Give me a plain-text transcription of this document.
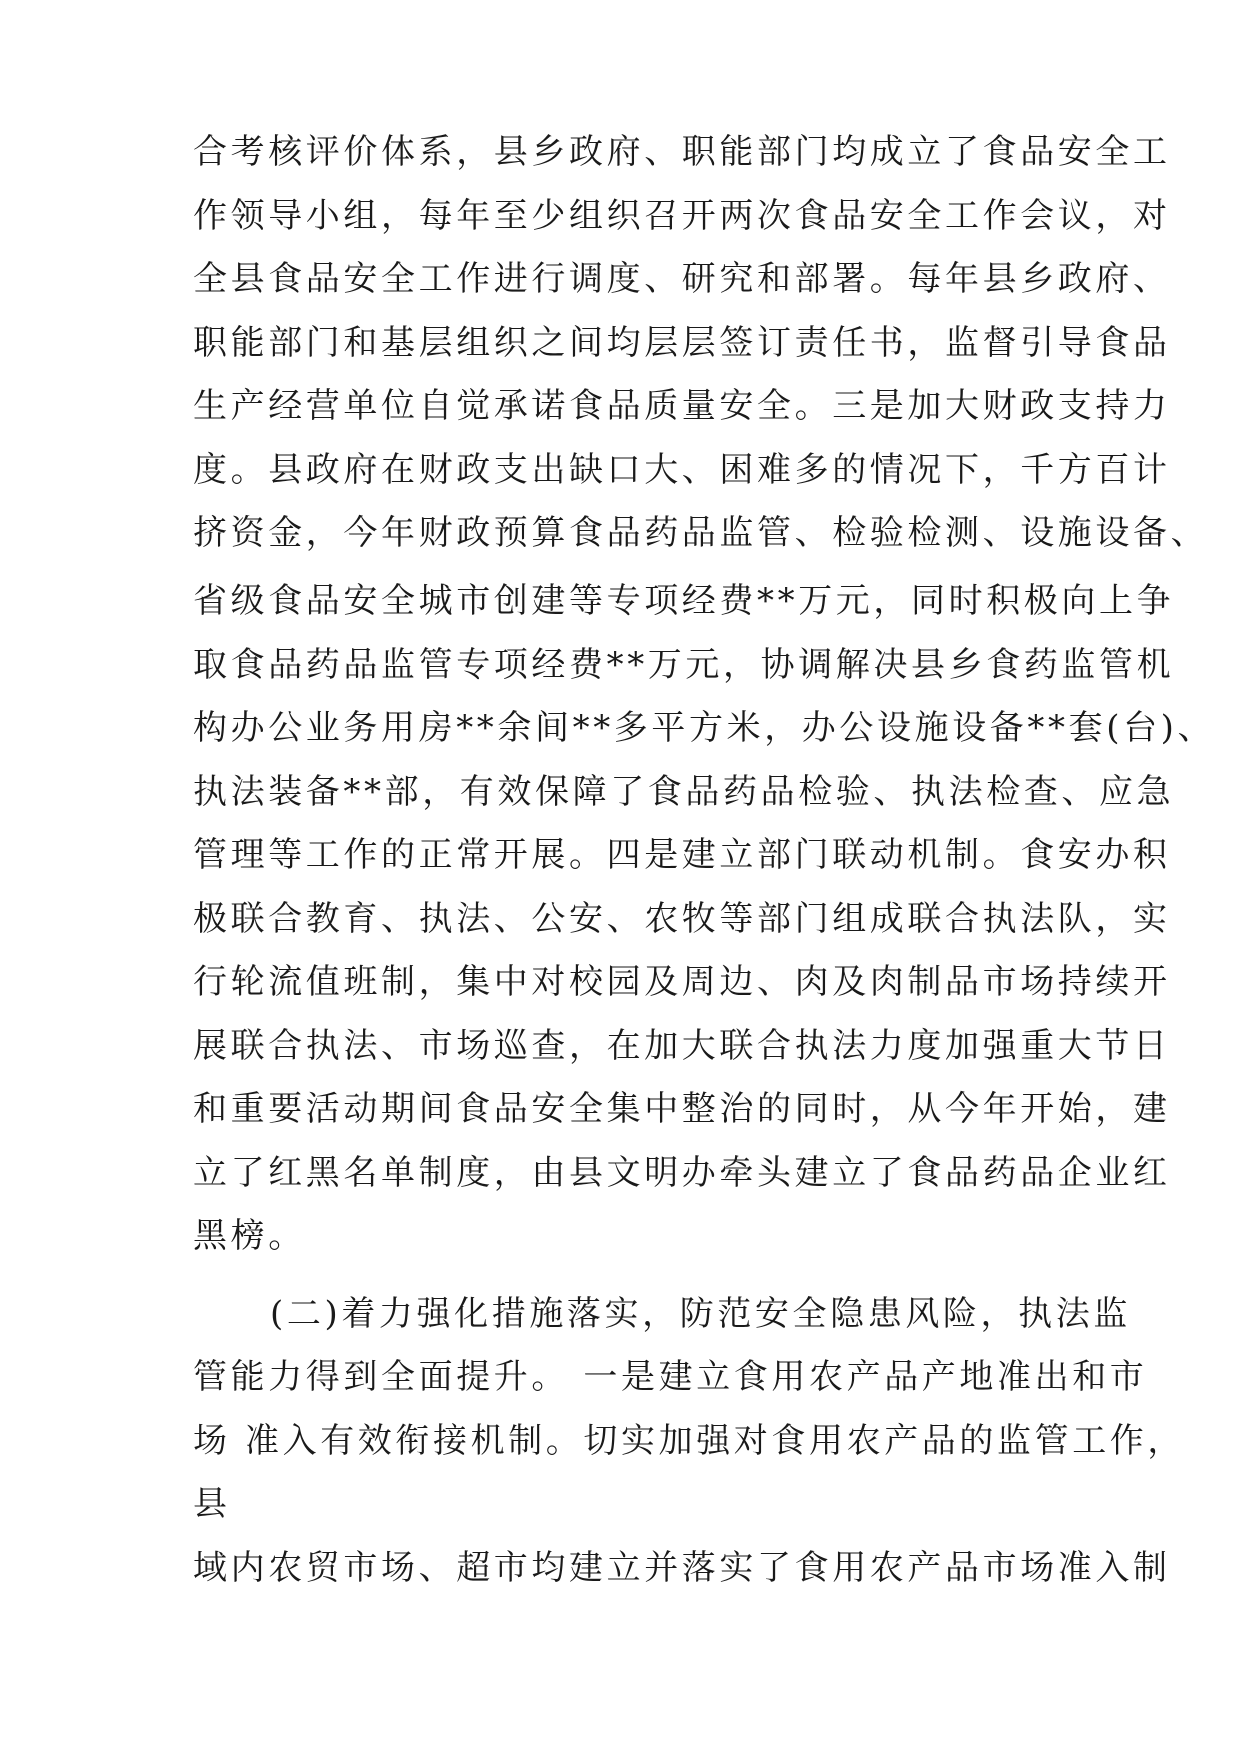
合考核评价体系，县乡政府、职能部门均成立了食品安全工
作领导小组，每年至少组织召开两次食品安全工作会议，对
全县食品安全工作进行调度、研究和部署。每年县乡政府、
职能部门和基层组织之间均层层签订责任书，监督引导食品
生产经营单位自觉承诺食品质量安全。三是加大财政支持力
度。县政府在财政支出缺口大、困难多的情况下，千方百计
挤资金，今年财政预算食品药品监管、检验检测、设施设备、
省级食品安全城市创建等专项经费**万元，同时积极向上争
取食品药品监管专项经费**万元，协调解决县乡食药监管机
构办公业务用房**余间**多平方米，办公设施设备**套(台)、
执法装备**部，有效保障了食品药品检验、执法检查、应急
管理等工作的正常开展。四是建立部门联动机制。食安办积
极联合教育、执法、公安、农牧等部门组成联合执法队，实
行轮流值班制，集中对校园及周边、肉及肉制品市场持续开
展联合执法、市场巡查，在加大联合执法力度加强重大节日
和重要活动期间食品安全集中整治的同时，从今年开始，建
立了红黑名单制度，由县文明办牵头建立了食品药品企业红
黑榜。
(二)着力强化措施落实，防范安全隐患风险，执法监
管能力得到全面提升。 一是建立食用农产品产地准出和市
场 准入有效衔接机制。切实加强对食用农产品的监管工作，
县
域内农贸市场、超市均建立并落实了食用农产品市场准入制
